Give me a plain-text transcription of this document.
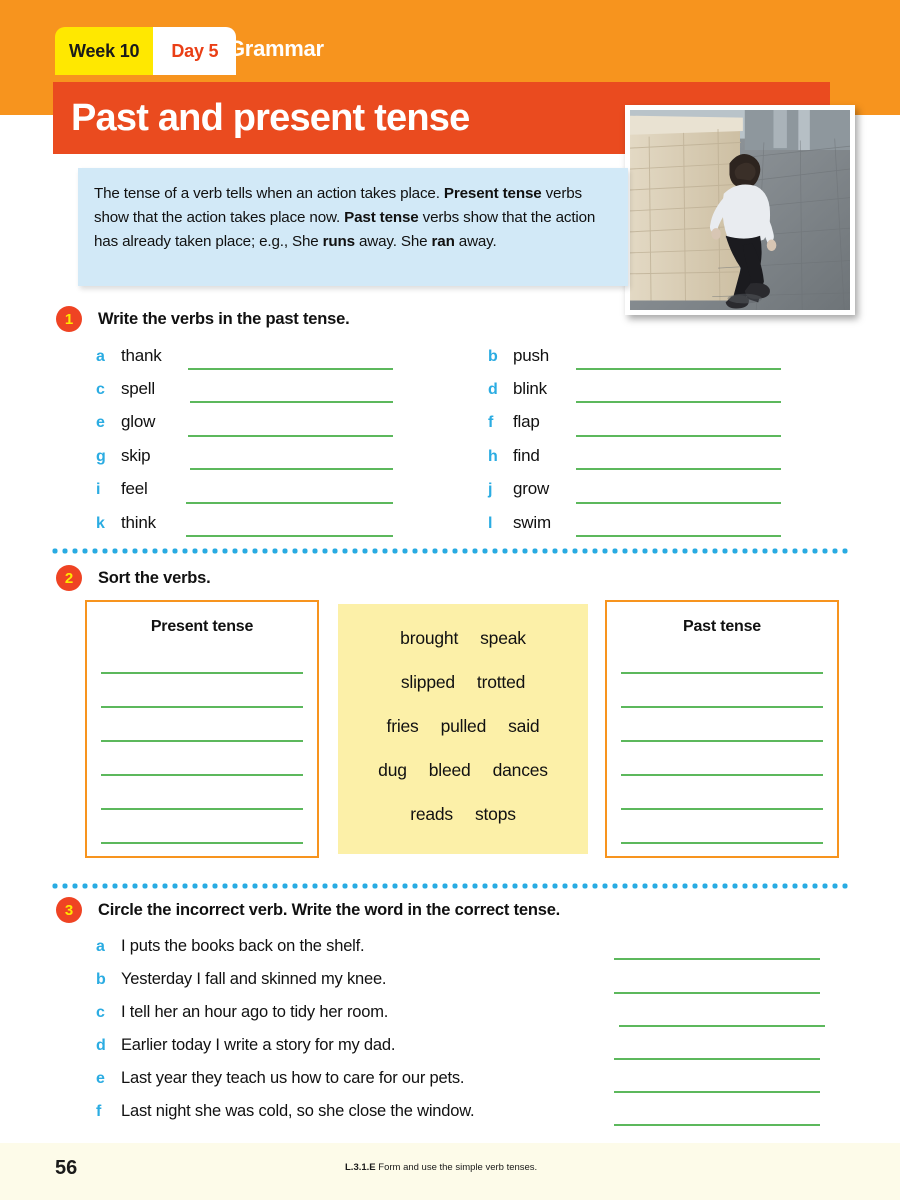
Week 10 Day 5 Grammar
Past and present tense

The tense of a verb tells when an action takes place. Present tense verbs show that the action takes place now. Past tense verbs show that the action has already taken place; e.g., She runs away. She ran away.

1	Write the verbs in the past tense.
a thank
c spell
e glow
g skip
i	feel
k think
b push
d blink
f	flap
h find
j	grow
l	swim
2	Sort the verbs.
Present tense
brought speak
slipped trotted
fries pulled said
dug bleed dances
reads stops
Past tense
3	Circle the incorrect verb. Write the word in the correct tense.
a I puts the books back on the shelf.
b Yesterday I fall and skinned my knee.
c I tell her an hour ago to tidy her room.
d Earlier today I write a story for my dad.
e Last year they teach us how to care for our pets.
f	Last night she was cold, so she close the window.
56	L.3.1.E Form and use the simple verb tenses.
